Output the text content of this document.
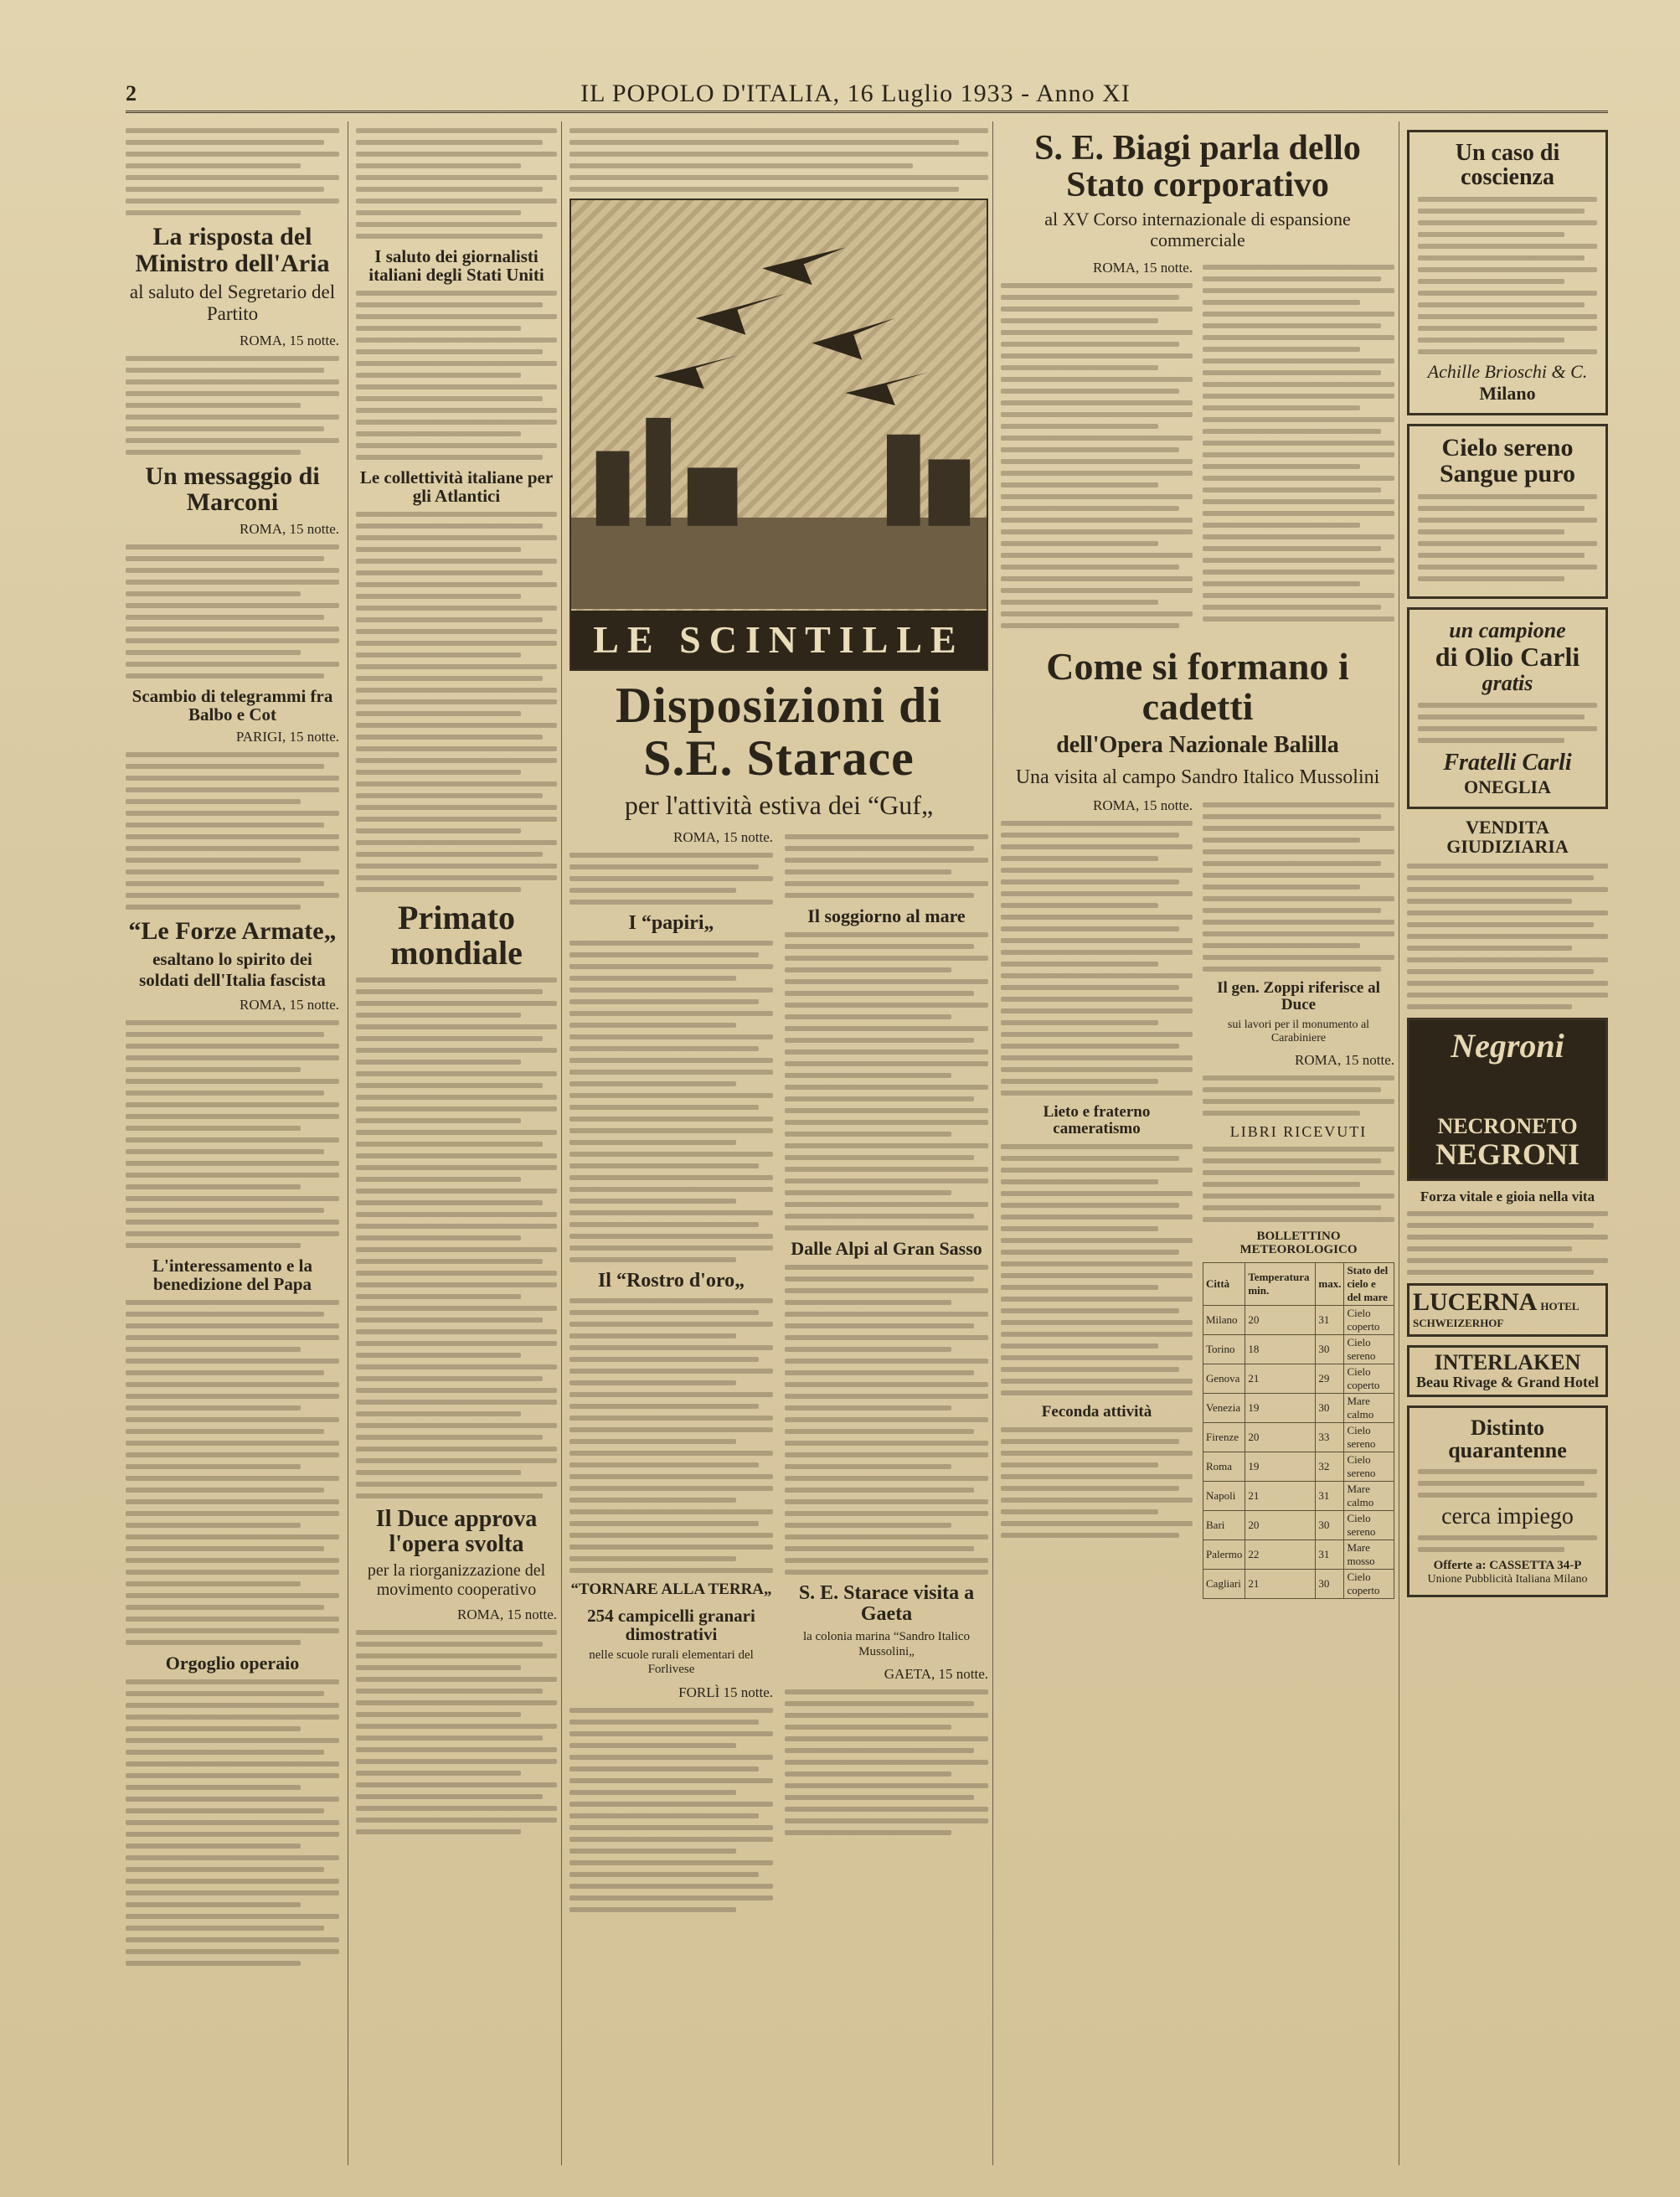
2	IL POPOLO D'ITALIA, 16 Luglio 1933 - Anno XI
La risposta del Ministro dell'Aria
al saluto del Segretario del Partito
ROMA, 15 notte.
Un messaggio di Marconi
ROMA, 15 notte.
Scambio di telegrammi fra Balbo e Cot
PARIGI, 15 notte.
“Le Forze Armate„
esaltano lo spirito dei soldati dell'Italia fascista
ROMA, 15 notte.
L'interessamento e la benedizione del Papa
Orgoglio operaio
I saluto dei giornalisti italiani degli Stati Uniti
Le collettività italiane per gli Atlantici
Primato mondiale
Il Duce approva l'opera svolta
per la riorganizzazione del movimento cooperativo
ROMA, 15 notte.
LE SCINTILLE
Disposizioni di S.E. Starace
per l'attività estiva dei “Guf„
ROMA, 15 notte.
I “papiri„
Il “Rostro d'oro„
“TORNARE ALLA TERRA„
254 campicelli granari dimostrativi
nelle scuole rurali elementari del Forlivese
FORLÌ 15 notte.
Il soggiorno al mare
Dalle Alpi al Gran Sasso
S. E. Starace visita a Gaeta
la colonia marina “Sandro Italico Mussolini„
GAETA, 15 notte.
S. E. Biagi parla dello Stato corporativo
al XV Corso internazionale di espansione commerciale
ROMA, 15 notte.
Come si formano i cadetti
dell'Opera Nazionale Balilla
Una visita al campo Sandro Italico Mussolini
ROMA, 15 notte.
Lieto e fraterno cameratismo
Feconda attività
Il gen. Zoppi riferisce al Duce
sui lavori per il monumento al Carabiniere
ROMA, 15 notte.
LIBRI RICEVUTI
BOLLETTINO METEOROLOGICO
Città	Temperatura min.	max.	Stato del cielo e del mare
Milano	20	31	Cielo coperto
Torino	18	30	Cielo sereno
Genova	21	29	Cielo coperto
Venezia	19	30	Mare calmo
Firenze	20	33	Cielo sereno
Roma	19	32	Cielo sereno
Napoli	21	31	Mare calmo
Bari	20	30	Cielo sereno
Palermo	22	31	Mare mosso
Cagliari	21	30	Cielo coperto
Un caso di coscienza
Achille Brioschi & C.
Milano
Cielo sereno
Sangue puro
un campione
di Olio Carli
gratis
Fratelli Carli
ONEGLIA
VENDITA GIUDIZIARIA
Negroni
NECRONETO
NEGRONI
Forza vitale e gioia nella vita
LUCERNA HOTEL SCHWEIZERHOF
INTERLAKEN
Beau Rivage & Grand Hotel
Distinto quarantenne
cerca impiego
Offerte a: CASSETTA 34-P
Unione Pubblicità Italiana Milano
